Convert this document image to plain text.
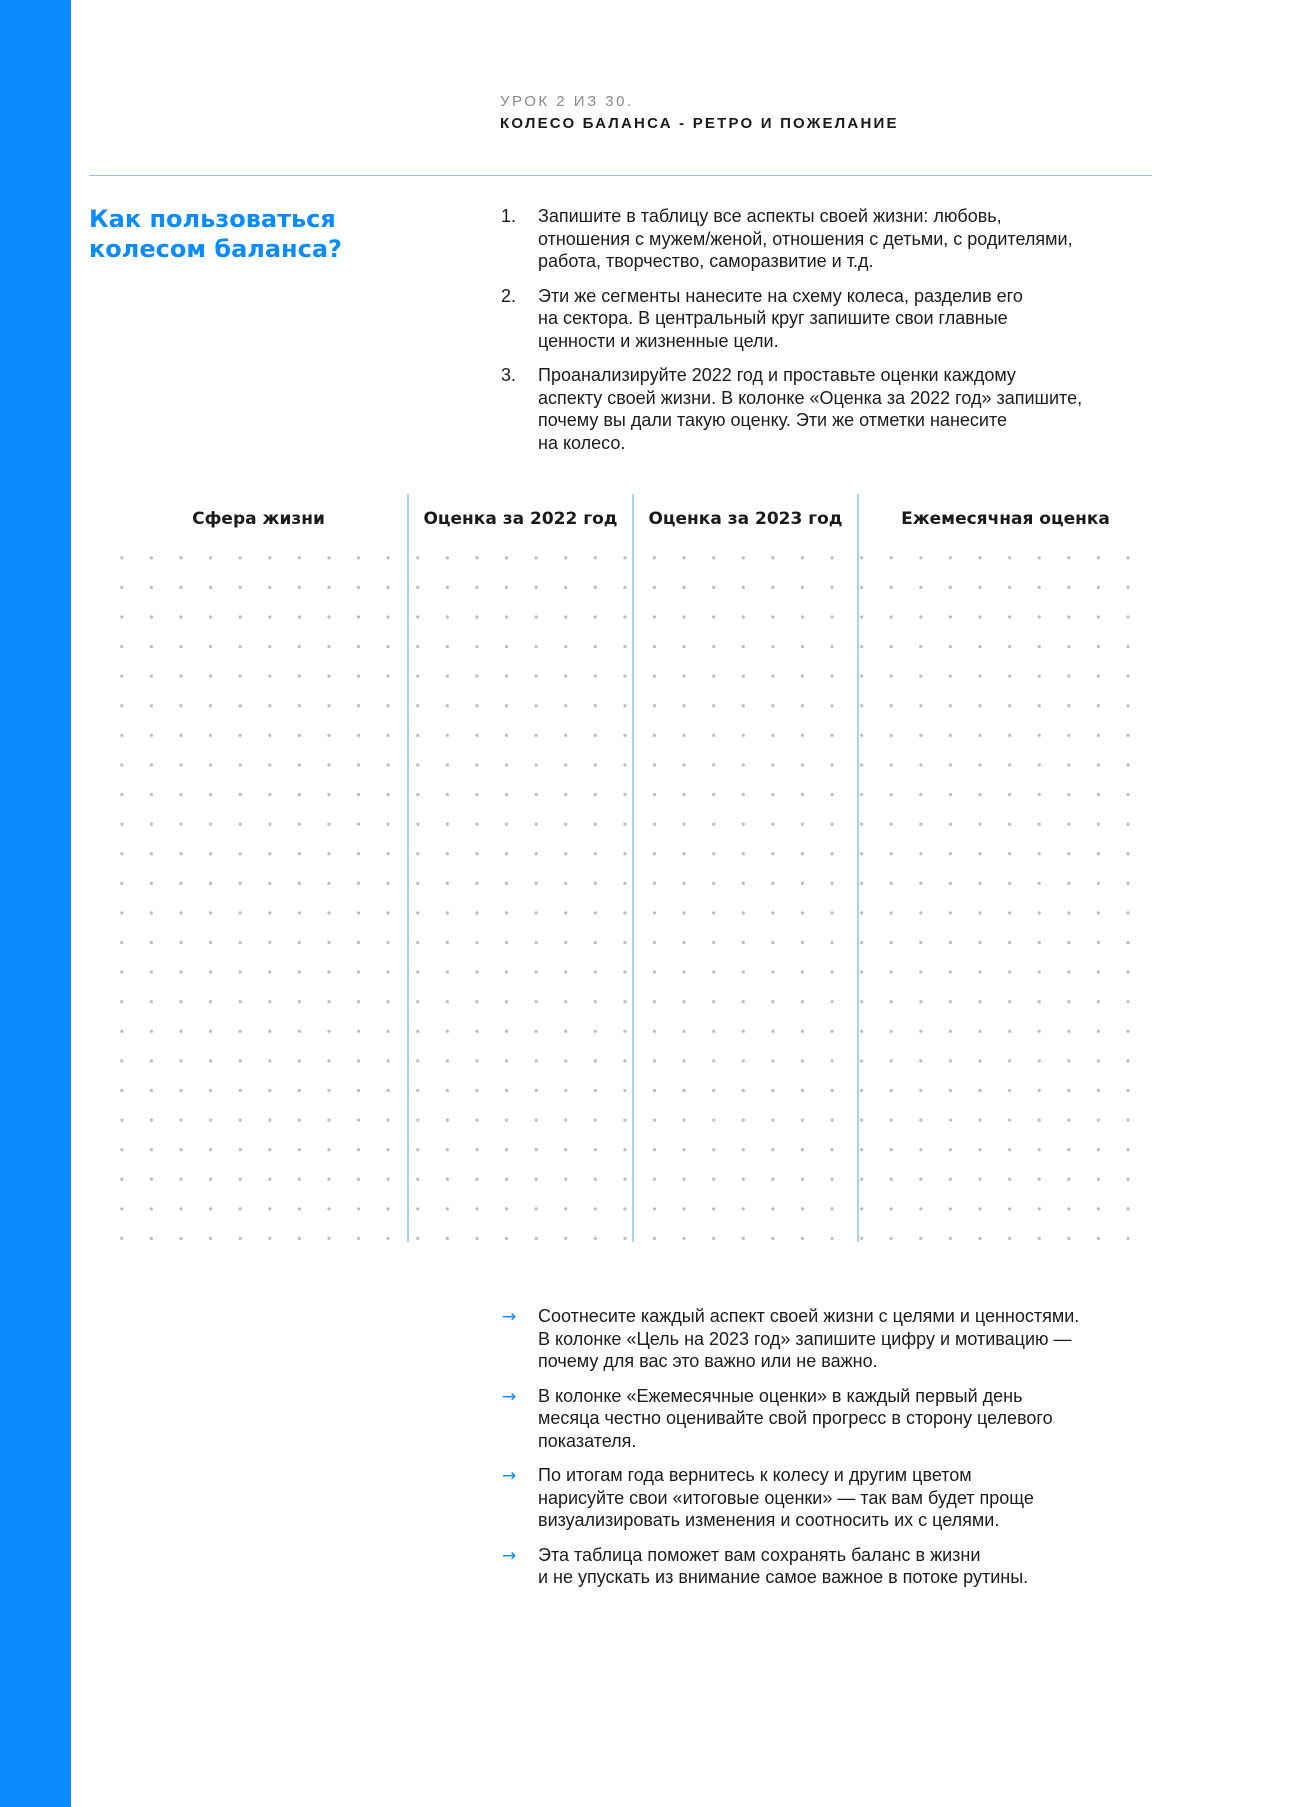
УРОК 2 ИЗ 30.
КОЛЕСО БАЛАНСА - РЕТРО И ПОЖЕЛАНИЕ
Как пользоваться
колесом баланса?
1. Запишите в таблицу все аспекты своей жизни: любовь,
отношения с мужем/женой, отношения с детьми, с родителями,
работа, творчество, саморазвитие и т.д.
2. Эти же сегменты нанесите на схему колеса, разделив его
на сектора. В центральный круг запишите свои главные
ценности и жизненные цели.
3. Проанализируйте 2022 год и проставьте оценки каждому
аспекту своей жизни. В колонке «Оценка за 2022 год» запишите,
почему вы дали такую оценку. Эти же отметки нанесите
на колесо.
Сфера жизни	Оценка за 2022 год	Оценка за 2023 год	Ежемесячная оценка
→ Соотнесите каждый аспект своей жизни с целями и ценностями.
В колонке «Цель на 2023 год» запишите цифру и мотивацию —
почему для вас это важно или не важно.
→ В колонке «Ежемесячные оценки» в каждый первый день
месяца честно оценивайте свой прогресс в сторону целевого
показателя.
→ По итогам года вернитесь к колесу и другим цветом
нарисуйте свои «итоговые оценки» — так вам будет проще
визуализировать изменения и соотносить их с целями.
→ Эта таблица поможет вам сохранять баланс в жизни
и не упускать из внимание самое важное в потоке рутины.
